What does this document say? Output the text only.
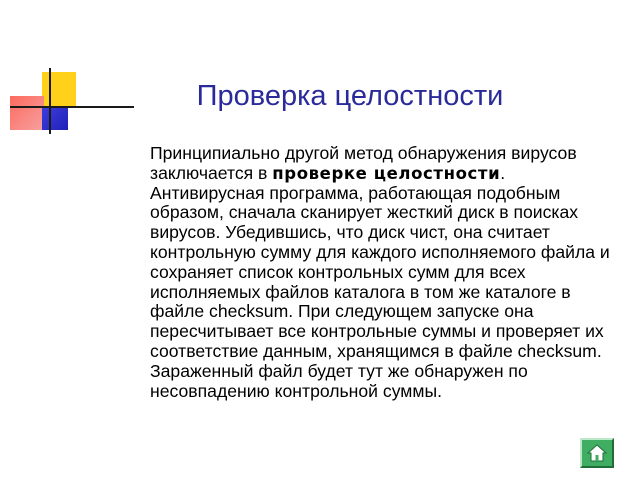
Проверка целостности

Принципиально другой метод обнаружения вирусов заключается в проверке целостности.

Антивирусная программа, работающая подобным образом, сначала сканирует жесткий диск в поисках вирусов. Убедившись, что диск чист, она считает контрольную сумму для каждого исполняемого файла и сохраняет список контрольных сумм для всех исполняемых файлов каталога в том же каталоге в файле checksum. При следующем запуске она пересчитывает все контрольные суммы и проверяет их соответствие данным, хранящимся в файле checksum. Зараженный файл будет тут же обнаружен по несовпадению контрольной суммы.
